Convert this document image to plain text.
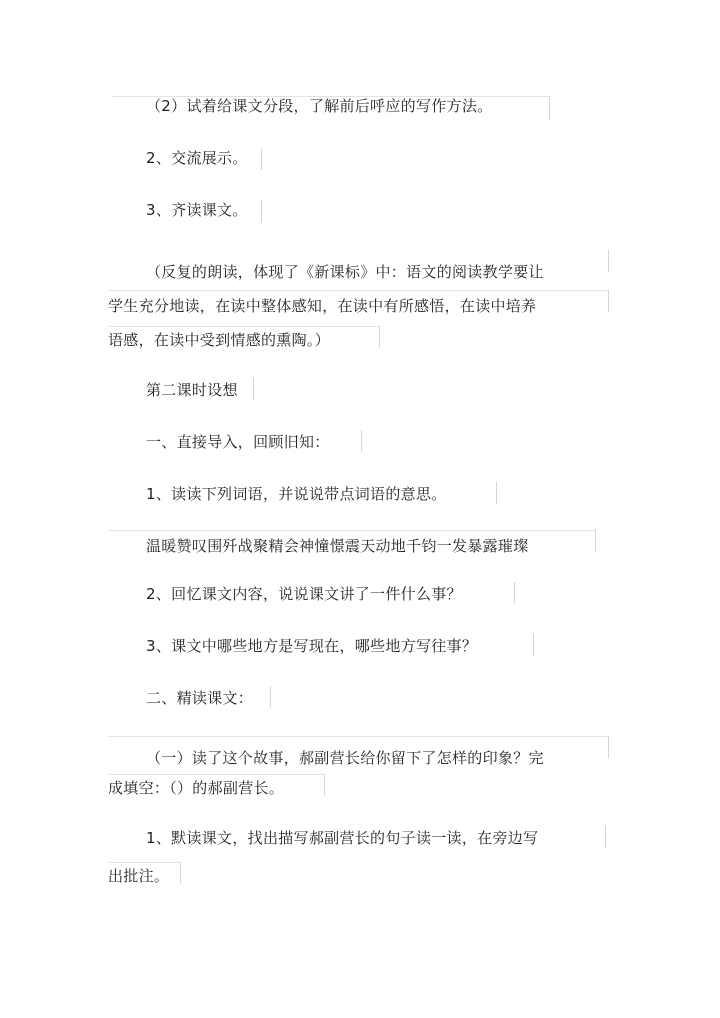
（2）试着给课文分段，了解前后呼应的写作方法。
2、交流展示。
3、齐读课文。
（反复的朗读，体现了《新课标》中：语文的阅读教学要让
学生充分地读，在读中整体感知，在读中有所感悟，在读中培养
语感，在读中受到情感的熏陶。）
第二课时设想
一、直接导入，回顾旧知：
1、读读下列词语，并说说带点词语的意思。
温暖赞叹围歼战聚精会神憧憬震天动地千钧一发暴露璀璨
2、回忆课文内容，说说课文讲了一件什么事？
3、课文中哪些地方是写现在，哪些地方写往事？
二、精读课文：
（一）读了这个故事，郝副营长给你留下了怎样的印象？完
成填空：（）的郝副营长。
1、默读课文，找出描写郝副营长的句子读一读，在旁边写
出批注。
